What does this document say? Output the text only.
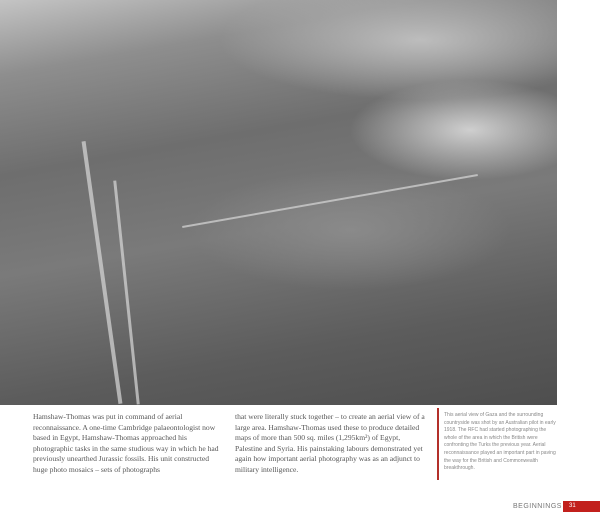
Hamshaw-Thomas was put in command of aerial reconnaissance. A one-time Cambridge palaeontologist now based in Egypt, Hamshaw-Thomas approached his photographic tasks in the same studious way in which he had previously unearthed Jurassic fossils. His unit constructed huge photo mosaics – sets of photographs
that were literally stuck together – to create an aerial view of a large area. Hamshaw-Thomas used these to produce detailed maps of more than 500 sq. miles (1,295km²) of Egypt, Palestine and Syria. His painstaking labours demonstrated yet again how important aerial photography was as an adjunct to military intelligence.
This aerial view of Gaza and the surrounding countryside was shot by an Australian pilot in early 1918. The RFC had started photographing the whole of the area in which the British were confronting the Turks the previous year. Aerial reconnaissance played an important part in paving the way for the British and Commonwealth breakthrough.
BEGINNINGS	31
